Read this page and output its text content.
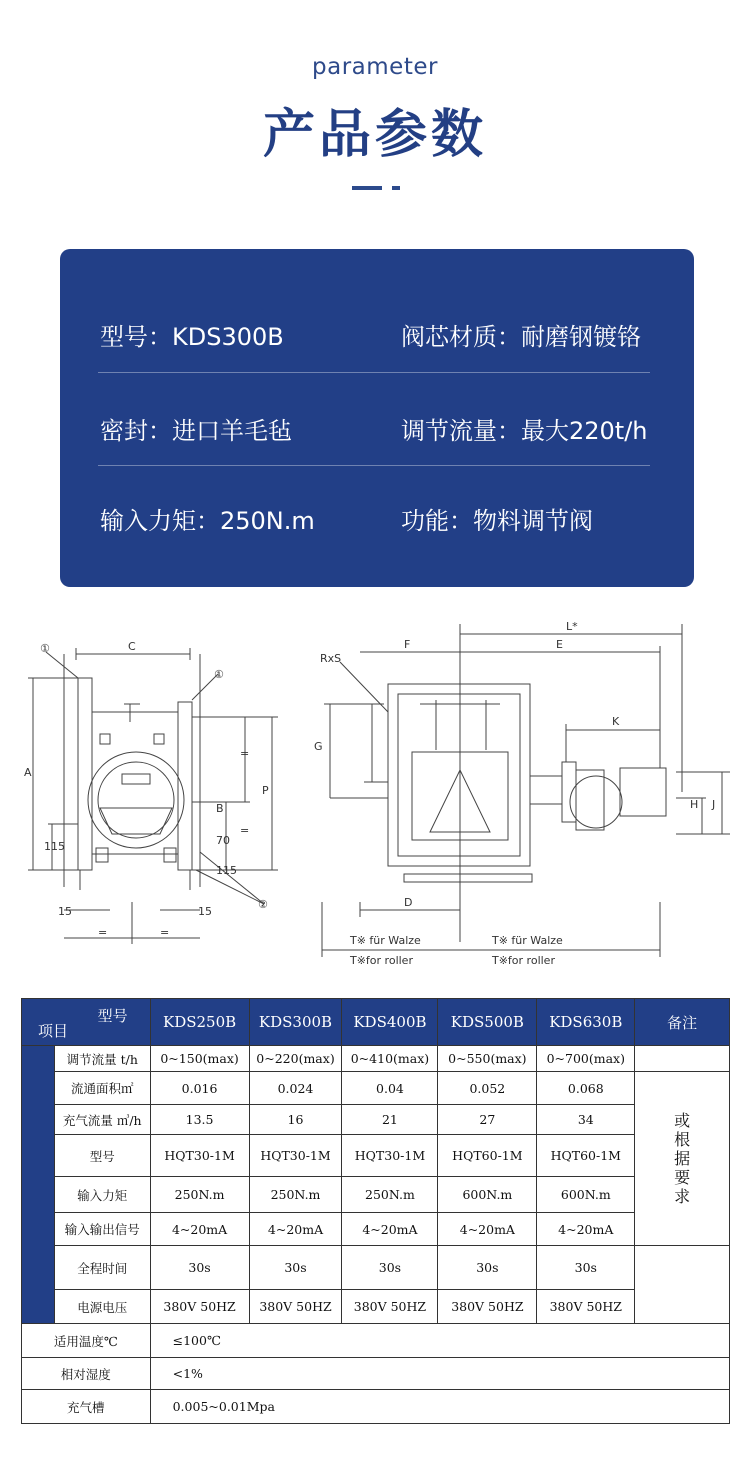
parameter
产品参数
型号：KDS300B	阀芯材质：耐磨钢镀铬
密封：进口羊毛毡	调节流量：最大220t/h
输入力矩：250N.m	功能：物料调节阀
C
A
115
P
B
70
115
=
=
15	15
=	=
①
①
②
RxS
F	E
L*
K
G
H J
D
T※ für Walze
T※for roller
T※ für Walze
T※for roller
型号
项目		KDS250B	KDS300B	KDS400B	KDS500B	KDS630B	备注
	调节流量 t/h	0~150(max)	0~220(max)	0~410(max)	0~550(max)	0~700(max)	
	流通面积㎡	0.016	0.024	0.04	0.052	0.068	或根据要求

	充气流量 ㎥/h	13.5	16	21	27	34	
	型号	HQT30-1M	HQT30-1M	HQT30-1M	HQT60-1M	HQT60-1M	
	输入力矩	250N.m	250N.m	250N.m	600N.m	600N.m	
	输入输出信号	4~20mA	4~20mA	4~20mA	4~20mA	4~20mA	
	全程时间	30s	30s	30s	30s	30s	
	电源电压	380V 50HZ	380V 50HZ	380V 50HZ	380V 50HZ	380V 50HZ	
适用温度℃		≤100℃					
相对湿度		<1%					
充气槽		0.005~0.01Mpa					
